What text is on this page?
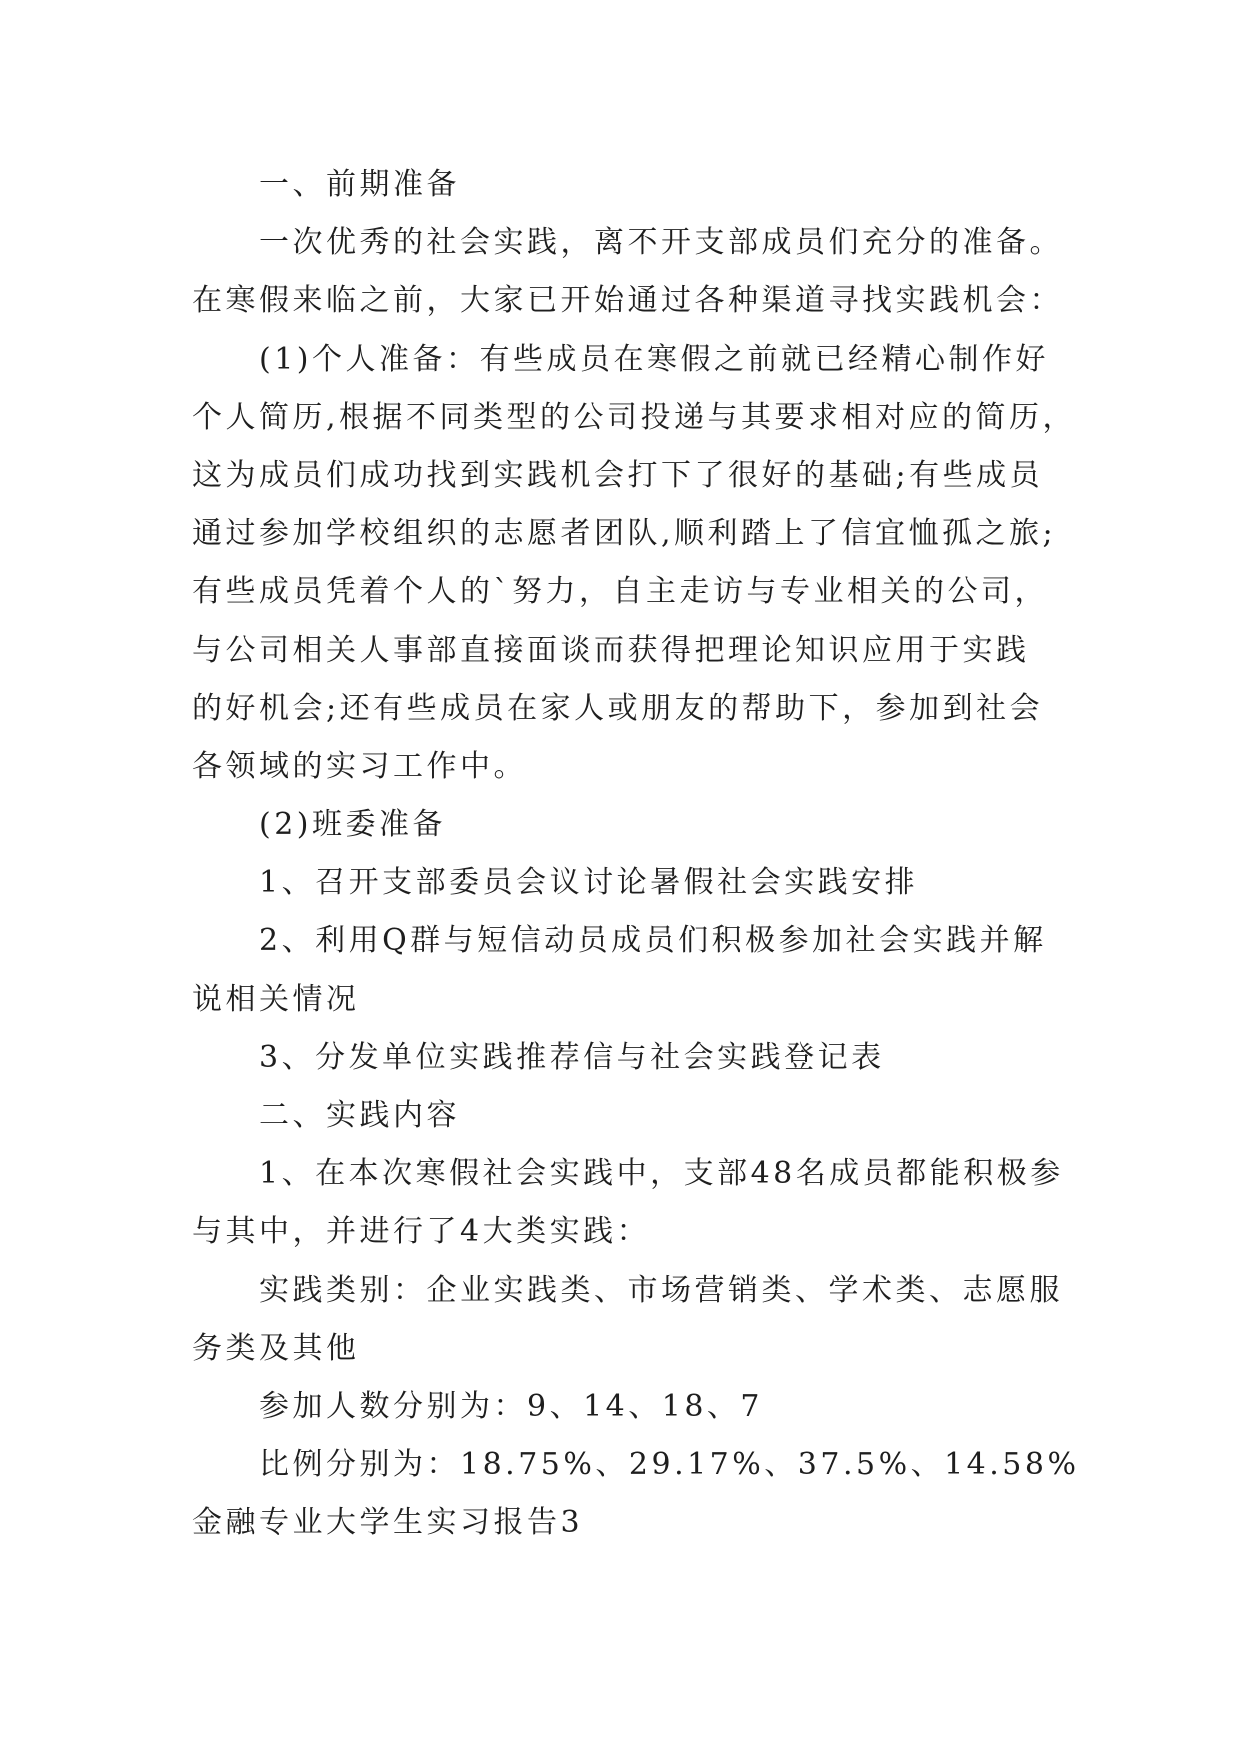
一、前期准备
一次优秀的社会实践，离不开支部成员们充分的准备。
在寒假来临之前，大家已开始通过各种渠道寻找实践机会：
(1)个人准备：有些成员在寒假之前就已经精心制作好
个人简历,根据不同类型的公司投递与其要求相对应的简历，
这为成员们成功找到实践机会打下了很好的基础;有些成员
通过参加学校组织的志愿者团队,顺利踏上了信宜恤孤之旅;
有些成员凭着个人的`努力，自主走访与专业相关的公司，
与公司相关人事部直接面谈而获得把理论知识应用于实践
的好机会;还有些成员在家人或朋友的帮助下，参加到社会
各领域的实习工作中。
(2)班委准备
1、召开支部委员会议讨论暑假社会实践安排
2、利用Q群与短信动员成员们积极参加社会实践并解
说相关情况
3、分发单位实践推荐信与社会实践登记表
二、实践内容
1、在本次寒假社会实践中，支部48名成员都能积极参
与其中，并进行了4大类实践：
实践类别：企业实践类、市场营销类、学术类、志愿服
务类及其他
参加人数分别为：9、14、18、7
比例分别为：18.75%、29.17%、37.5%、14.58%
金融专业大学生实习报告3
